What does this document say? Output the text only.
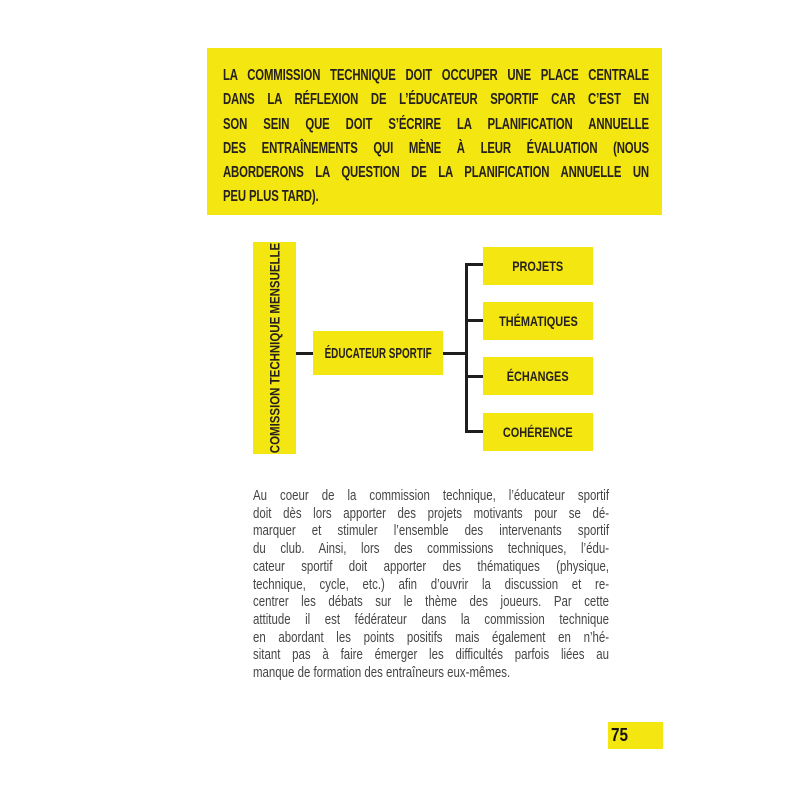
LA COMMISSION TECHNIQUE DOIT OCCUPER UNE PLACE CENTRALE
DANS LA RÉFLEXION DE L’ÉDUCATEUR SPORTIF CAR C’EST EN
SON SEIN QUE DOIT S’ÉCRIRE LA PLANIFICATION ANNUELLE
DES ENTRAÎNEMENTS QUI MÈNE À LEUR ÉVALUATION (NOUS
ABORDERONS LA QUESTION DE LA PLANIFICATION ANNUELLE UN
PEU PLUS TARD).
COMISSION TECHNIQUE MENSUELLE	ÉDUCATEUR SPORTIF
PROJETS
THÉMATIQUES
ÉCHANGES
COHÉRENCE
Au coeur de la commission technique, l’éducateur sportif
doit dès lors apporter des projets motivants pour se dé-
marquer et stimuler l’ensemble des intervenants sportif
du club. Ainsi, lors des commissions techniques, l’édu-
cateur sportif doit apporter des thématiques (physique,
technique, cycle, etc.) afin d’ouvrir la discussion et re-
centrer les débats sur le thème des joueurs. Par cette
attitude il est fédérateur dans la commission technique
en abordant les points positifs mais également en n’hé-
sitant pas à faire émerger les difficultés parfois liées au
manque de formation des entraîneurs eux-mêmes.
75
